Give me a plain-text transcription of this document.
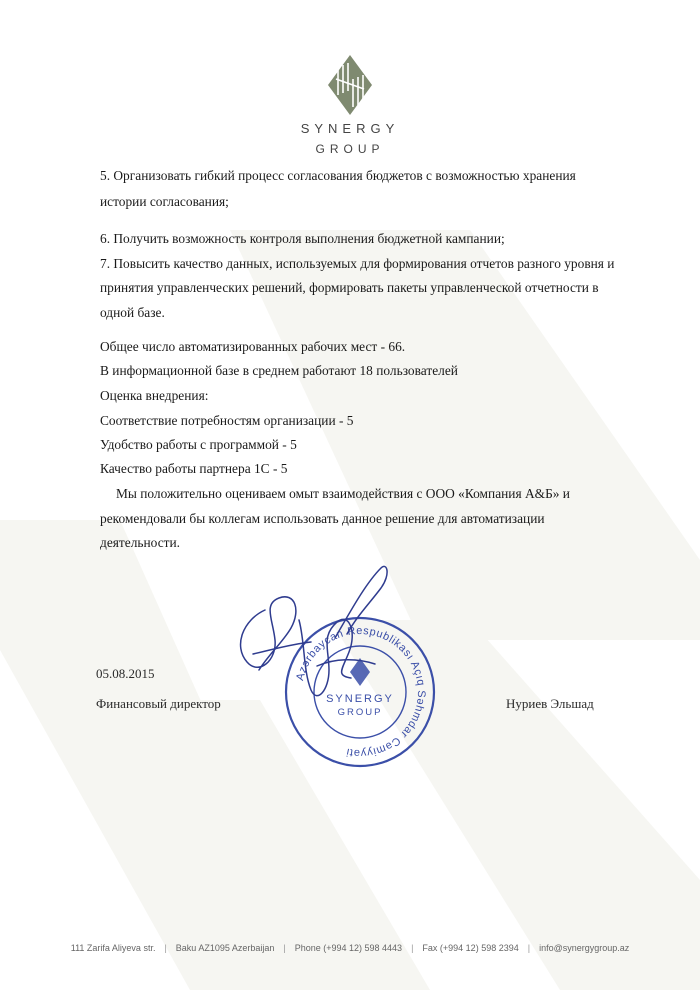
SYNERGY
GROUP
5. Организовать гибкий процесс согласования бюджетов с возможностью хранения
истории согласования;
6. Получить возможность контроля выполнения бюджетной кампании;
7. Повысить качество данных, используемых для формирования отчетов разного уровня и
принятия управленческих решений, формировать пакеты управленческой отчетности в
одной базе.
Общее число автоматизированных рабочих мест - 66.
В информационной базе в среднем работают 18 пользователей
Оценка внедрения:
Соответствие потребностям организации - 5
Удобство работы с программой - 5
Качество работы партнера 1С - 5
Мы положительно оцениваем омыт взаимодействия с ООО «Компания А&Б» и
рекомендовали бы коллегам использовать данное решение для автоматизации
деятельности.
05.08.2015
Финансовый директор	Нуриев Эльшад
Azərbaycan Respublikası Açıq Səhmdar Cəmiyyəti
SYNERGY
GROUP
111 Zarifa Aliyeva str. | Baku AZ1095 Azerbaijan | Phone (+994 12) 598 4443 | Fax (+994 12) 598 2394 | info@synergygroup.az
